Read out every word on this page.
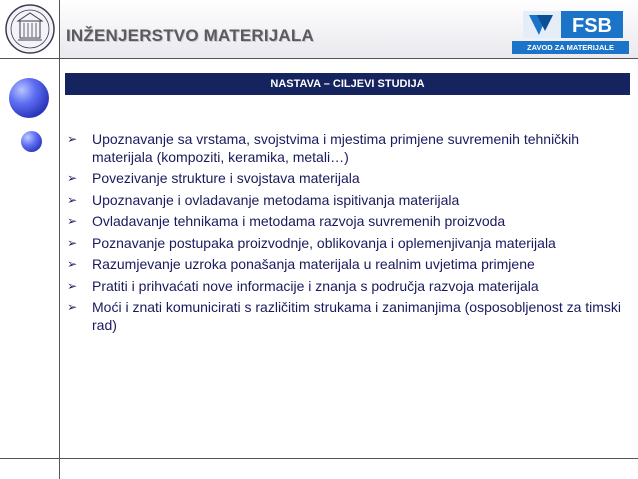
INŽENJERSTVO MATERIJALA	FSB
ZAVOD ZA MATERIJALE
NASTAVA – CILJEVI STUDIJA
➢ Upoznavanje sa vrstama, svojstvima i mjestima primjene suvremenih tehničkih materijala (kompoziti, keramika, metali…)
➢ Povezivanje strukture i svojstava materijala
➢ Upoznavanje i ovladavanje metodama ispitivanja materijala
➢ Ovladavanje tehnikama i metodama razvoja suvremenih proizvoda
➢ Poznavanje postupaka proizvodnje, oblikovanja i oplemenjivanja materijala
➢ Razumjevanje uzroka ponašanja materijala u realnim uvjetima primjene
➢ Pratiti i prihvaćati nove informacije i znanja s područja razvoja materijala
➢ Moći i znati komunicirati s različitim strukama i zanimanjima (osposobljenost za timski rad)
